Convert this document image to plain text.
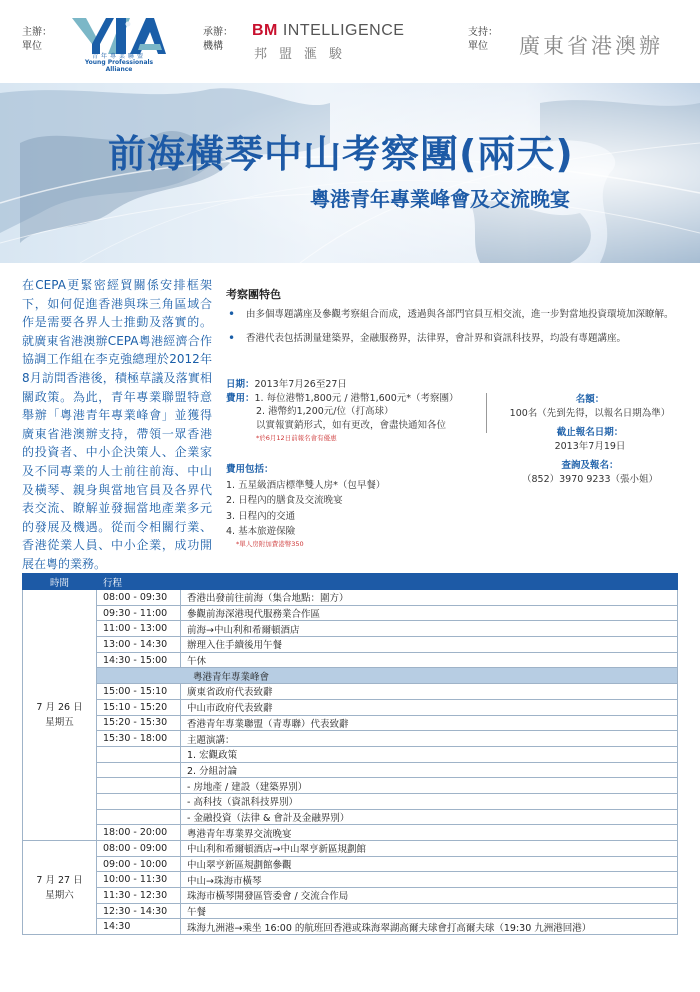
主辦：
單位
青年專業聯盟
Young Professionals Alliance
承辦：
機構
BM INTELLIGENCE
邦盟滙駿
支持：
單位	廣東省港澳辦
前海橫琴中山考察團(兩天)
粵港青年專業峰會及交流晚宴
在CEPA更緊密經貿關係安排框架下，如何促進香港與珠三角區域合作是需要各界人士推動及落實的。就廣東省港澳辦CEPA粵港經濟合作協調工作組在李克強總理於2012年8月訪問香港後，積極草議及落實相關政策。為此，青年專業聯盟特意舉辦「粵港青年專業峰會」並獲得廣東省港澳辦支持，帶領一眾香港的投資者、中小企決策人、企業家及不同專業的人士前往前海、中山及橫琴、親身與當地官員及各界代表交流、瞭解並發掘當地產業多元的發展及機遇。從而令相關行業、香港從業人員、中小企業，成功開展在粵的業務。
考察團特色
• 由多個專題講座及參觀考察組合而成，透過與各部門官員互相交流，進一步對當地投資環境加深瞭解。
• 香港代表包括測量建築界，金融服務界，法律界，會計界和資訊科技界，均設有專題講座。
日期：2013年7月26至27日
費用：1. 每位港幣1,800元 / 港幣1,600元*（考察團）
2. 港幣約1,200元/位（打高球）
以實報實銷形式，如有更改，會盡快通知各位
*於6月12日前報名會有優惠
名額：
100名（先到先得，以報名日期為準）
截止報名日期：
2013年7月19日
查詢及報名：
（852）3970 9233（張小姐）
費用包括：
1. 五星級酒店標準雙人房*（包早餐）
2. 日程內的膳食及交流晚宴
3. 日程內的交通
4. 基本旅遊保險
*單人房附加費港幣350
時間	行程	

7 月 26 日
星期五	08:00 - 09:30	香港出發前往前海（集合地點：圍方）
	09:30 - 11:00	參觀前海深港現代服務業合作區
	11:00 - 13:00	前海→中山利和希爾頓酒店
	13:00 - 14:30	辦理入住手續後用午餐
	14:30 - 15:00	午休
	粵港青年專業峰會	
	15:00 - 15:10	廣東省政府代表致辭
	15:10 - 15:20	中山市政府代表致辭
	15:20 - 15:30	香港青年專業聯盟（青專聯）代表致辭
	15:30 - 18:00	主題演講：
		1. 宏觀政策
		2. 分組討論
		- 房地產 / 建設（建築界別）
		- 高科技（資訊科技界別）
		- 金融投資（法律 & 會計及金融界別）
	18:00 - 20:00	粵港青年專業界交流晚宴

7 月 27 日
星期六	08:00 - 09:00	中山利和希爾頓酒店→中山翠亨新區規劃館
	09:00 - 10:00	中山翠亨新區規劃館參觀
	10:00 - 11:30	中山→珠海市橫琴
	11:30 - 12:30	珠海市橫琴開發區管委會 / 交流合作局
	12:30 - 14:30	午餐
	14:30	珠海九洲港→乘坐 16:00 的航班回香港或珠海翠湖高爾夫球會打高爾夫球（19:30 九洲港回港）
